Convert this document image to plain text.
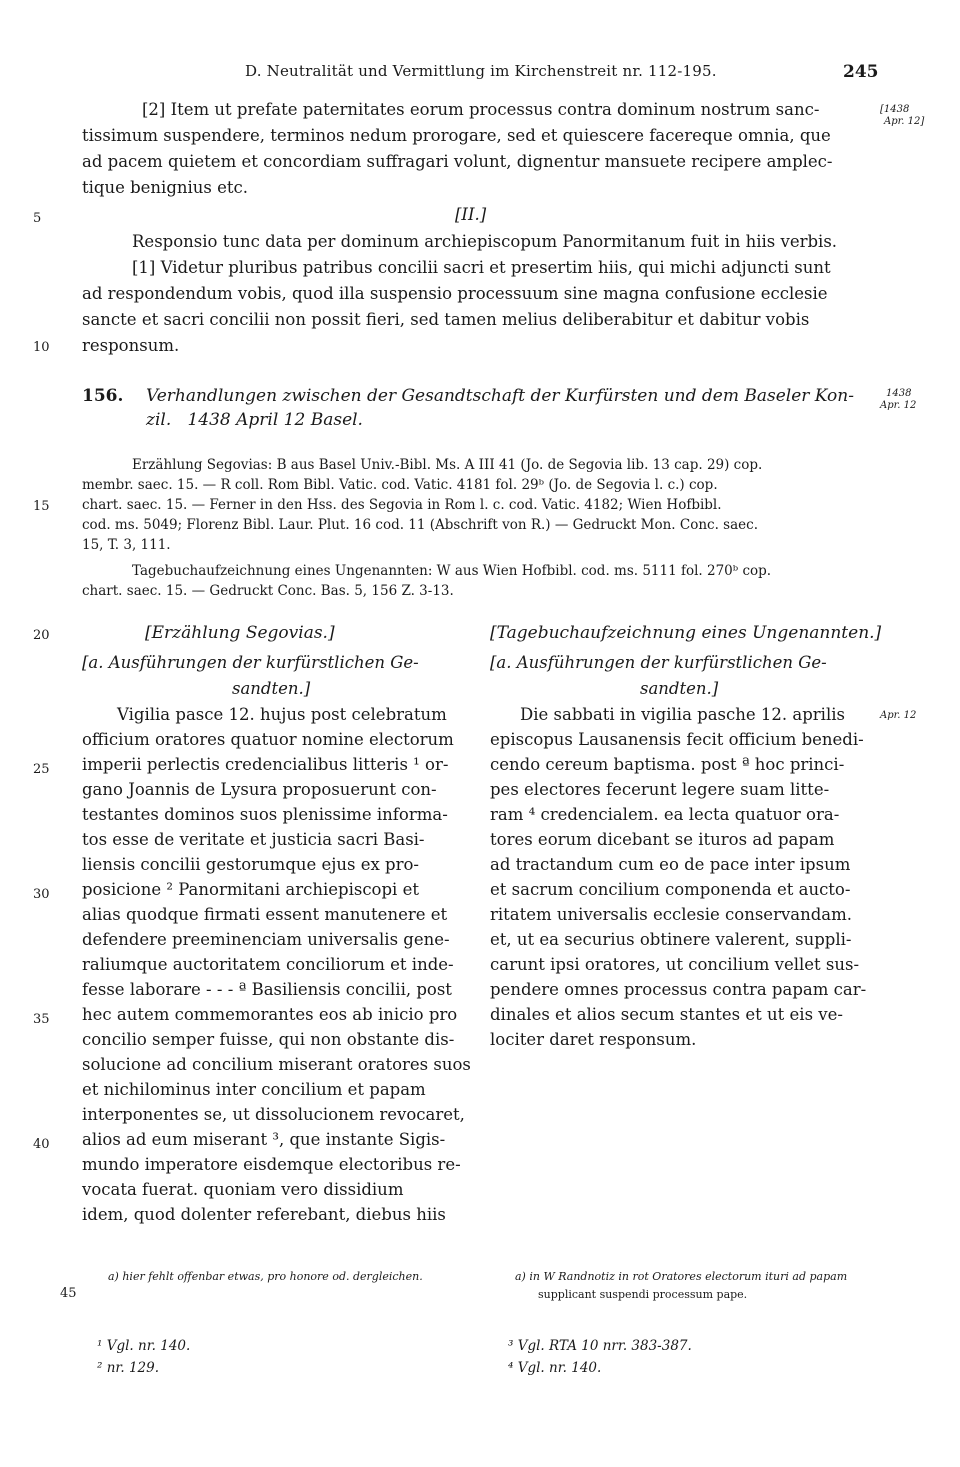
D. Neutralität und Vermittlung im Kirchenstreit nr. 112-195.	245
[2] Item ut prefate paternitates eorum processus contra dominum nostrum sanc-
tissimum suspendere, terminos nedum prorogare, sed et quiescere facereque omnia, que
ad pacem quietem et concordiam suffragari volunt, dignentur mansuete recipere amplec-
tique benignius etc.
[1438
Apr. 12]
5	[II.]
Responsio tunc data per dominum archiepiscopum Panormitanum fuit in hiis verbis.
[1] Videtur pluribus patribus concilii sacri et presertim hiis, qui michi adjuncti sunt
ad respondendum vobis, quod illa suspensio processuum sine magna confusione ecclesie
sancte et sacri concilii non possit fieri, sed tamen melius deliberabitur et dabitur vobis
responsum.
10
156. Verhandlungen zwischen der Gesandtschaft der Kurfürsten und dem Baseler Kon-
zil.   1438 April 12 Basel.
1438
Apr. 12
Erzählung Segovias: B aus Basel Univ.-Bibl. Ms. A III 41 (Jo. de Segovia lib. 13 cap. 29) cop.
membr. saec. 15. — R coll. Rom Bibl. Vatic. cod. Vatic. 4181 fol. 29ᵇ (Jo. de Segovia l. c.) cop.
15 chart. saec. 15. — Ferner in den Hss. des Segovia in Rom l. c. cod. Vatic. 4182; Wien Hofbibl.
cod. ms. 5049; Florenz Bibl. Laur. Plut. 16 cod. 11 (Abschrift von R.) — Gedruckt Mon. Conc. saec.
15, T. 3, 111.
Tagebuchaufzeichnung eines Ungenannten: W aus Wien Hofbibl. cod. ms. 5111 fol. 270ᵇ cop.
chart. saec. 15. — Gedruckt Conc. Bas. 5, 156 Z. 3-13.
20	[Erzählung Segovias.]	[Tagebuchaufzeichnung eines Ungenannten.]
[a. Ausführungen der kurfürstlichen Ge-
sandten.]
[a. Ausführungen der kurfürstlichen Ge-
sandten.]
Apr. 12
Vigilia pasce 12. hujus post celebratum
officium oratores quatuor nomine electorum
imperii perlectis credencialibus litteris ¹ or-
gano Joannis de Lysura proposuerunt con-
testantes dominos suos plenissime informa-
tos esse de veritate et justicia sacri Basi-
liensis concilii gestorumque ejus ex pro-
posicione ² Panormitani archiepiscopi et
alias quodque firmati essent manutenere et
defendere preeminenciam universalis gene-
raliumque auctoritatem conciliorum et inde-
fesse laborare - - - ª Basiliensis concilii, post
hec autem commemorantes eos ab inicio pro
concilio semper fuisse, qui non obstante dis-
solucione ad concilium miserant oratores suos
et nichilominus inter concilium et papam
interponentes se, ut dissolucionem revocaret,
alios ad eum miserant ³, que instante Sigis-
mundo imperatore eisdemque electoribus re-
vocata fuerat. quoniam vero dissidium
idem, quod dolenter referebant, diebus hiis
Die sabbati in vigilia pasche 12. aprilis
episcopus Lausanensis fecit officium benedi-
cendo cereum baptisma. post ª hoc princi-
pes electores fecerunt legere suam litte-
ram ⁴ credencialem. ea lecta quatuor ora-
tores eorum dicebant se ituros ad papam
ad tractandum cum eo de pace inter ipsum
et sacrum concilium componenda et aucto-
ritatem universalis ecclesie conservandam.
et, ut ea securius obtinere valerent, suppli-
carunt ipsi oratores, ut concilium vellet sus-
pendere omnes processus contra papam car-
dinales et alios secum stantes et ut eis ve-
lociter daret responsum.
25
30
35
40
a) hier fehlt offenbar etwas, pro honore od. dergleichen.	a) in W Randnotiz in rot Oratores electorum ituri ad papam
supplicant suspendi processum pape.
45
¹ Vgl. nr. 140.
² nr. 129.
³ Vgl. RTA 10 nrr. 383-387.
⁴ Vgl. nr. 140.
